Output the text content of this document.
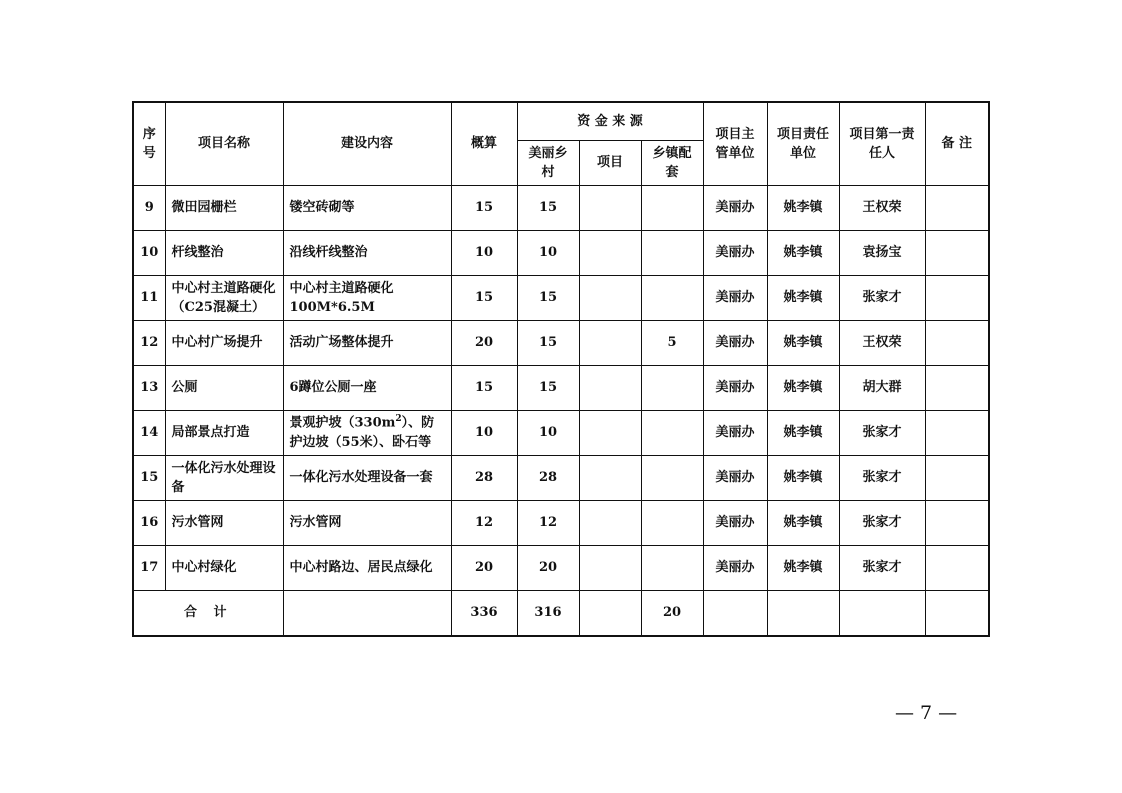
序号	项目名称	建设内容	概算	资 金 来 源			项目主管单位	项目责任单位	项目第一责任人	备 注
				美丽乡村	项目	乡镇配套				
9	微田园栅栏	镂空砖砌等	15	15			美丽办	姚李镇	王权荣	
10	杆线整治	沿线杆线整治	10	10			美丽办	姚李镇	袁扬宝	
11	中心村主道路硬化（C25混凝土）	中心村主道路硬化100M*6.5M	15	15			美丽办	姚李镇	张家才	
12	中心村广场提升	活动广场整体提升	20	15		5	美丽办	姚李镇	王权荣	
13	公厕	6蹲位公厕一座	15	15			美丽办	姚李镇	胡大群	
14	局部景点打造	景观护坡$(330m^2)$、防护边坡（55米）、卧石等	10	10			美丽办	姚李镇	张家才	
15	一体化污水处理设备	一体化污水处理设备一套	28	28			美丽办	姚李镇	张家才	
16	污水管网	污水管网	12	12			美丽办	姚李镇	张家才	
17	中心村绿化	中心村路边、居民点绿化	20	20			美丽办	姚李镇	张家才	
合 计			336	316		20				
— 7 —
